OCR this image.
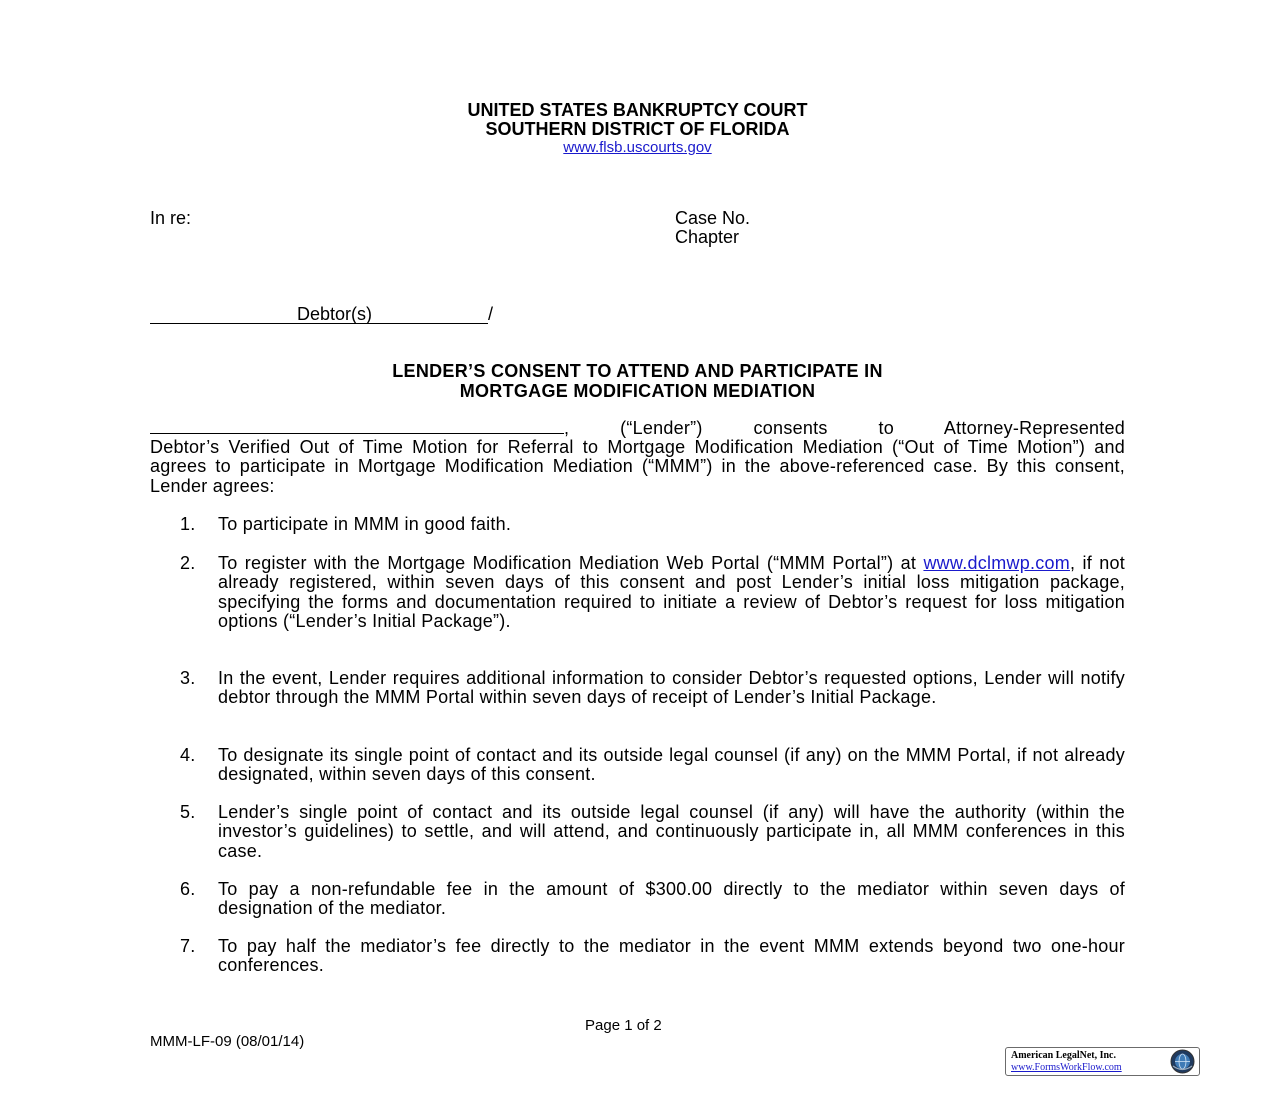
UNITED STATES BANKRUPTCY COURT
SOUTHERN DISTRICT OF FLORIDA
www.flsb.uscourts.gov
In re:	Case No.
Chapter
Debtor(s)	/
LENDER’S CONSENT TO ATTEND AND PARTICIPATE IN
MORTGAGE MODIFICATION MEDIATION
, (“Lender”) consents to Attorney-Represented
Debtor’s Verified Out of Time Motion for Referral to Mortgage Modification Mediation (“Out of Time Motion”) and agrees to participate in Mortgage Modification Mediation (“MMM”) in the above-referenced case. By this consent, Lender agrees:
1.	To participate in MMM in good faith.
2.	To register with the Mortgage Modification Mediation Web Portal (“MMM Portal”) at www.dclmwp.com, if not already registered, within seven days of this consent and post Lender’s initial loss mitigation package, specifying the forms and documentation required to initiate a review of Debtor’s request for loss mitigation options (“Lender’s Initial Package”).
3.	In the event, Lender requires additional information to consider Debtor’s requested options, Lender will notify debtor through the MMM Portal within seven days of receipt of Lender’s Initial Package.
4.	To designate its single point of contact and its outside legal counsel (if any) on the MMM Portal, if not already designated, within seven days of this consent.
5.	Lender’s single point of contact and its outside legal counsel (if any) will have the authority (within the investor’s guidelines) to settle, and will attend, and continuously participate in, all MMM conferences in this case.
6.	To pay a non-refundable fee in the amount of $300.00 directly to the mediator within seven days of designation of the mediator.
7.	To pay half the mediator’s fee directly to the mediator in the event MMM extends beyond two one-hour conferences.
Page 1 of 2
MMM-LF-09 (08/01/14)
American LegalNet, Inc.
www.FormsWorkFlow.com
